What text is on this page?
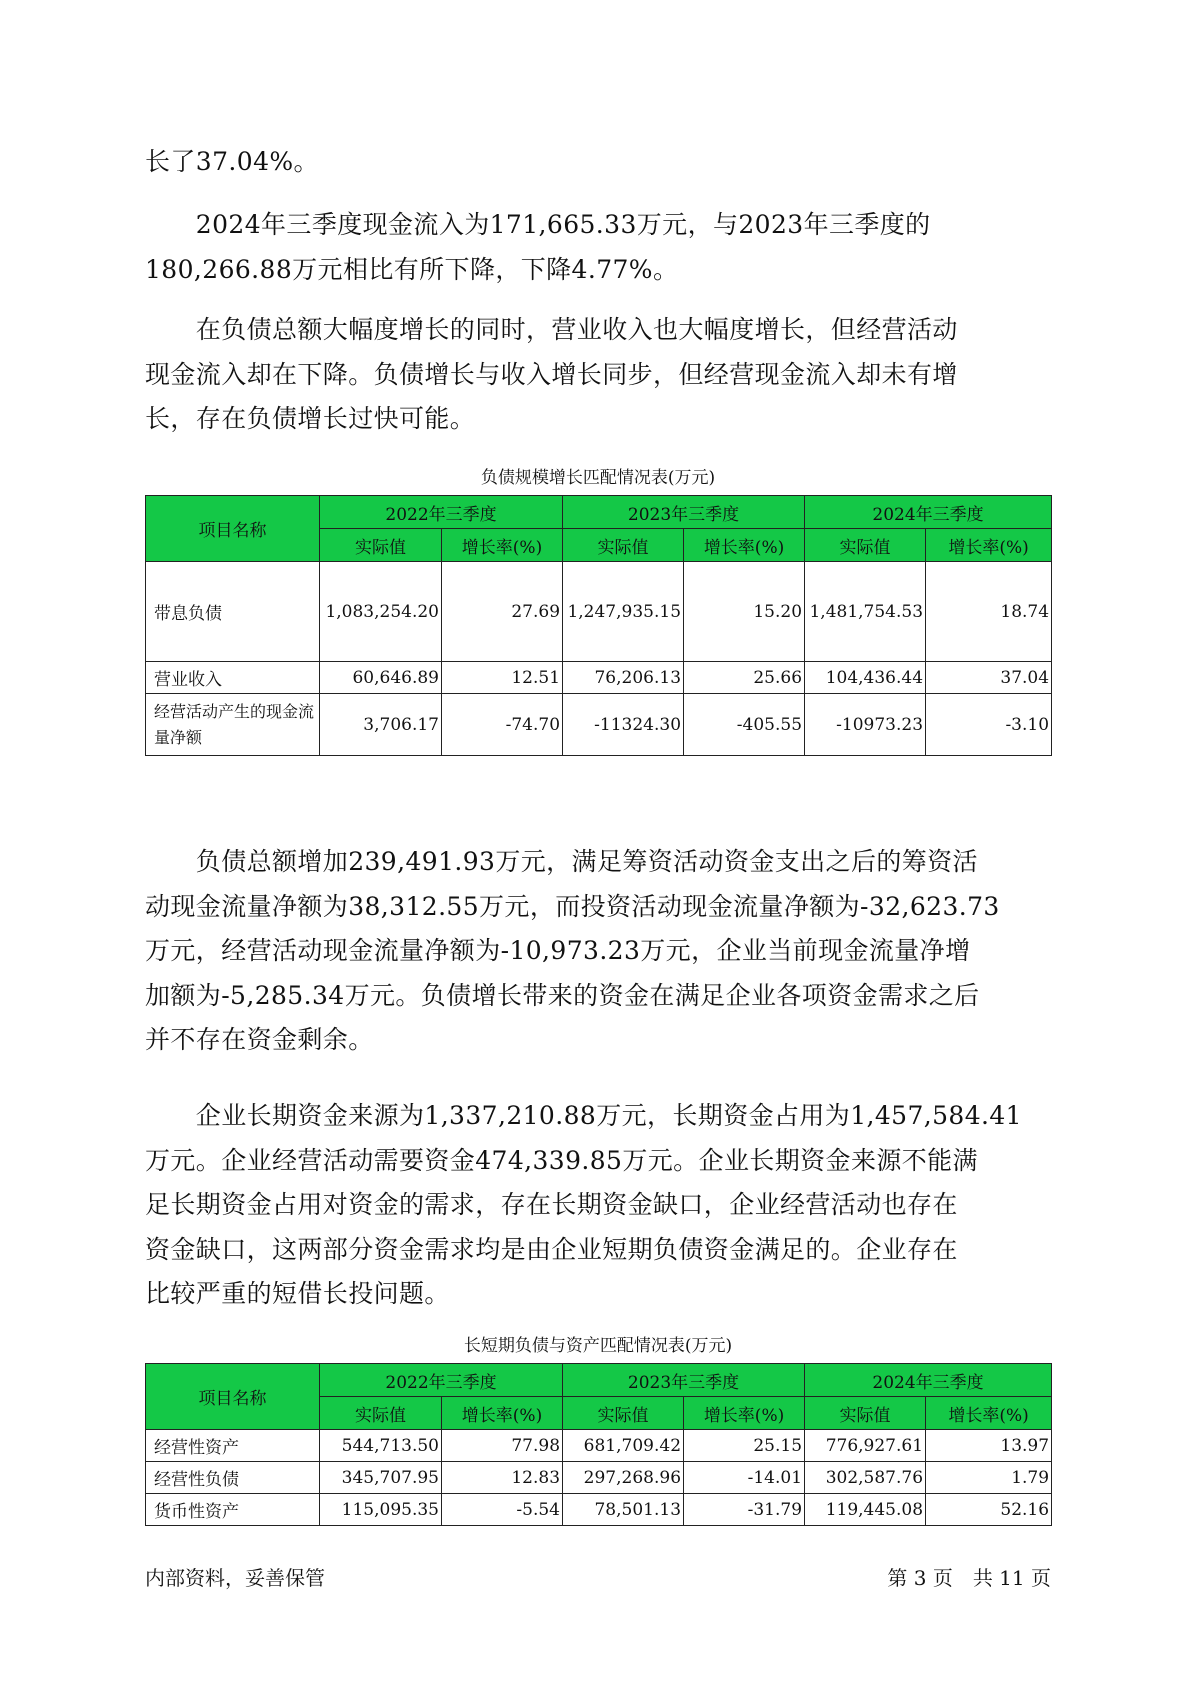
长了37.04%。

　　2024年三季度现金流入为171,665.33万元，与2023年三季度的
180,266.88万元相比有所下降，下降4.77%。

　　在负债总额大幅度增长的同时，营业收入也大幅度增长，但经营活动
现金流入却在下降。负债增长与收入增长同步，但经营现金流入却未有增
长，存在负债增长过快可能。

负债规模增长匹配情况表(万元)
项目名称	2022年三季度		2023年三季度		2024年三季度	
	实际值	增长率(%)	实际值	增长率(%)	实际值	增长率(%)
带息负债	1,083,254.20	27.69	1,247,935.15	15.20	1,481,754.53	18.74
营业收入	60,646.89	12.51	76,206.13	25.66	104,436.44	37.04
经营活动产生的现金流量净额	3,706.17	-74.70	-11324.30	-405.55	-10973.23	-3.10

　　负债总额增加239,491.93万元，满足筹资活动资金支出之后的筹资活
动现金流量净额为38,312.55万元，而投资活动现金流量净额为-32,623.73
万元，经营活动现金流量净额为-10,973.23万元，企业当前现金流量净增
加额为-5,285.34万元。负债增长带来的资金在满足企业各项资金需求之后
并不存在资金剩余。

　　企业长期资金来源为1,337,210.88万元，长期资金占用为1,457,584.41
万元。企业经营活动需要资金474,339.85万元。企业长期资金来源不能满
足长期资金占用对资金的需求，存在长期资金缺口，企业经营活动也存在
资金缺口，这两部分资金需求均是由企业短期负债资金满足的。企业存在
比较严重的短借长投问题。

长短期负债与资产匹配情况表(万元)
项目名称	2022年三季度		2023年三季度		2024年三季度	
	实际值	增长率(%)	实际值	增长率(%)	实际值	增长率(%)
经营性资产	544,713.50	77.98	681,709.42	25.15	776,927.61	13.97
经营性负债	345,707.95	12.83	297,268.96	-14.01	302,587.76	1.79
货币性资产	115,095.35	-5.54	78,501.13	-31.79	119,445.08	52.16
内部资料，妥善保管	第 3 页　共 11 页
